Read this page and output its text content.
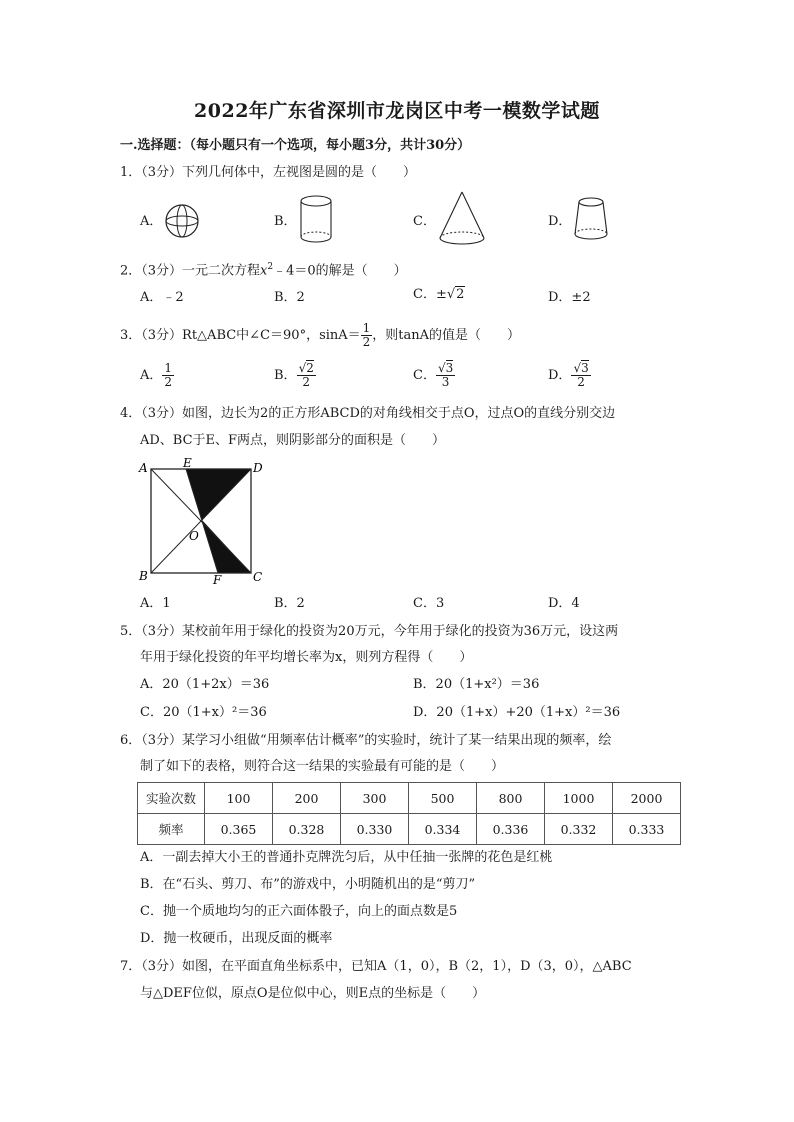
2022年广东省深圳市龙岗区中考一模数学试题
一.选择题：（每小题只有一个选项，每小题3分，共计30分）
1．（3分）下列几何体中，左视图是圆的是（　　）
A．	B．	C．	D．
2．（3分）一元二次方程$x^2﹣4=0$的解是（　　）
A．﹣2	B．2	C．±√2	D．±2
3．（3分）Rt△ABC中∠C＝90°，$\sin A= \frac{1}{2}$ ，则tanA的值是（　　）
A． $\frac{1}{2}$	B． $\frac{√2}{2}$	C． $\frac{√3}{3}$	D． $\frac{√3}{2}$
4．（3分）如图，边长为2的正方形ABCD的对角线相交于点O，过点O的直线分别交边
AD、BC于E、F两点，则阴影部分的面积是（　　）
A	E	D
O
B	F	C
A．1	B．2	C．3	D．4
5．（3分）某校前年用于绿化的投资为20万元，今年用于绿化的投资为36万元，设这两
年用于绿化投资的年平均增长率为x，则列方程得（　　）
A．20（1+2x）＝36	B．20（1+x²）＝36
C．20（1+x）²＝36	D．20（1+x）+20（1+x）²＝36
6．（3分）某学习小组做“用频率估计概率”的实验时，统计了某一结果出现的频率，绘
制了如下的表格，则符合这一结果的实验最有可能的是（　　）
实验次数	100	200	300	500	800	1000	2000
频率	0.365	0.328	0.330	0.334	0.336	0.332	0.333
A．一副去掉大小王的普通扑克牌洗匀后，从中任抽一张牌的花色是红桃
B．在“石头、剪刀、布”的游戏中，小明随机出的是“剪刀”
C．抛一个质地均匀的正六面体骰子，向上的面点数是5
D．抛一枚硬币，出现反面的概率
7．（3分）如图，在平面直角坐标系中，已知A（1，0），B（2，1），D（3，0），△ABC
与△DEF位似，原点O是位似中心，则E点的坐标是（　　）
